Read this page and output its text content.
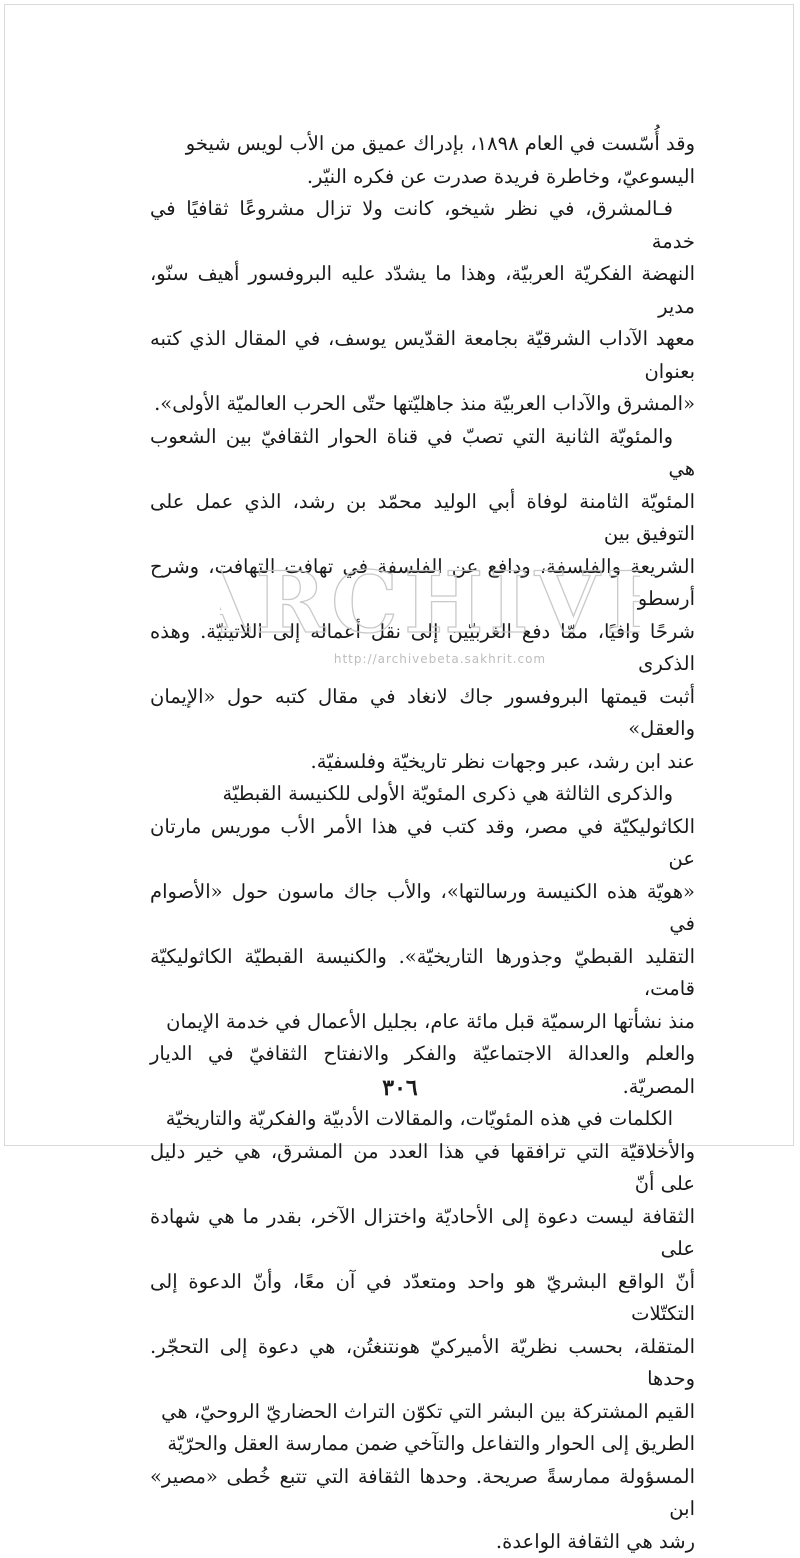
وقد أُسّست في العام ١٨٩٨، بإدراك عميق من الأب لويس شيخو
اليسوعيّ، وخاطرة فريدة صدرت عن فكره النيّر.
فـالمشرق، في نظر شيخو، كانت ولا تزال مشروعًا ثقافيًا في خدمة
النهضة الفكريّة العربيّة، وهذا ما يشدّد عليه البروفسور أهيف سنّو، مدير
معهد الآداب الشرقيّة بجامعة القدّيس يوسف، في المقال الذي كتبه بعنوان
«المشرق والآداب العربيّة منذ جاهليّتها حتّى الحرب العالميّة الأولى».
والمئويّة الثانية التي تصبّ في قناة الحوار الثقافيّ بين الشعوب هي
المئويّة الثامنة لوفاة أبي الوليد محمّد بن رشد، الذي عمل على التوفيق بين
الشريعة والفلسفة، ودافع عن الفلسفة في تهافت التهافت، وشرح أرسطو
شرحًا وافيًا، ممّا دفع الغربيّين إلى نقل أعماله إلى اللاتينيّة. وهذه الذكرى
أثبت قيمتها البروفسور جاك لانغاد في مقال كتبه حول «الإيمان والعقل»
عند ابن رشد، عبر وجهات نظر تاريخيّة وفلسفيّة.
والذكرى الثالثة هي ذكرى المئويّة الأولى للكنيسة القبطيّة
الكاثوليكيّة في مصر، وقد كتب في هذا الأمر الأب موريس مارتان عن
«هويّة هذه الكنيسة ورسالتها»، والأب جاك ماسون حول «الأصوام في
التقليد القبطيّ وجذورها التاريخيّة». والكنيسة القبطيّة الكاثوليكيّة قامت،
منذ نشأتها الرسميّة قبل مائة عام، بجليل الأعمال في خدمة الإيمان
والعلم والعدالة الاجتماعيّة والفكر والانفتاح الثقافيّ في الديار المصريّة.
الكلمات في هذه المئويّات، والمقالات الأدبيّة والفكريّة والتاريخيّة
والأخلاقيّة التي ترافقها في هذا العدد من المشرق، هي خير دليل على أنّ
الثقافة ليست دعوة إلى الأحاديّة واختزال الآخر، بقدر ما هي شهادة على
أنّ الواقع البشريّ هو واحد ومتعدّد في آن معًا، وأنّ الدعوة إلى التكتّلات
المتقلة، بحسب نظريّة الأميركيّ هونتنغتُن، هي دعوة إلى التحجّر. وحدها
القيم المشتركة بين البشر التي تكوّن التراث الحضاريّ الروحيّ، هي
الطريق إلى الحوار والتفاعل والتآخي ضمن ممارسة العقل والحرّيّة
المسؤولة ممارسةً صريحة. وحدها الثقافة التي تتبع خُطى «مصير» ابن
رشد هي الثقافة الواعدة.
RCHIV
http://archivebeta.sakhrit.com
٣٠٦
